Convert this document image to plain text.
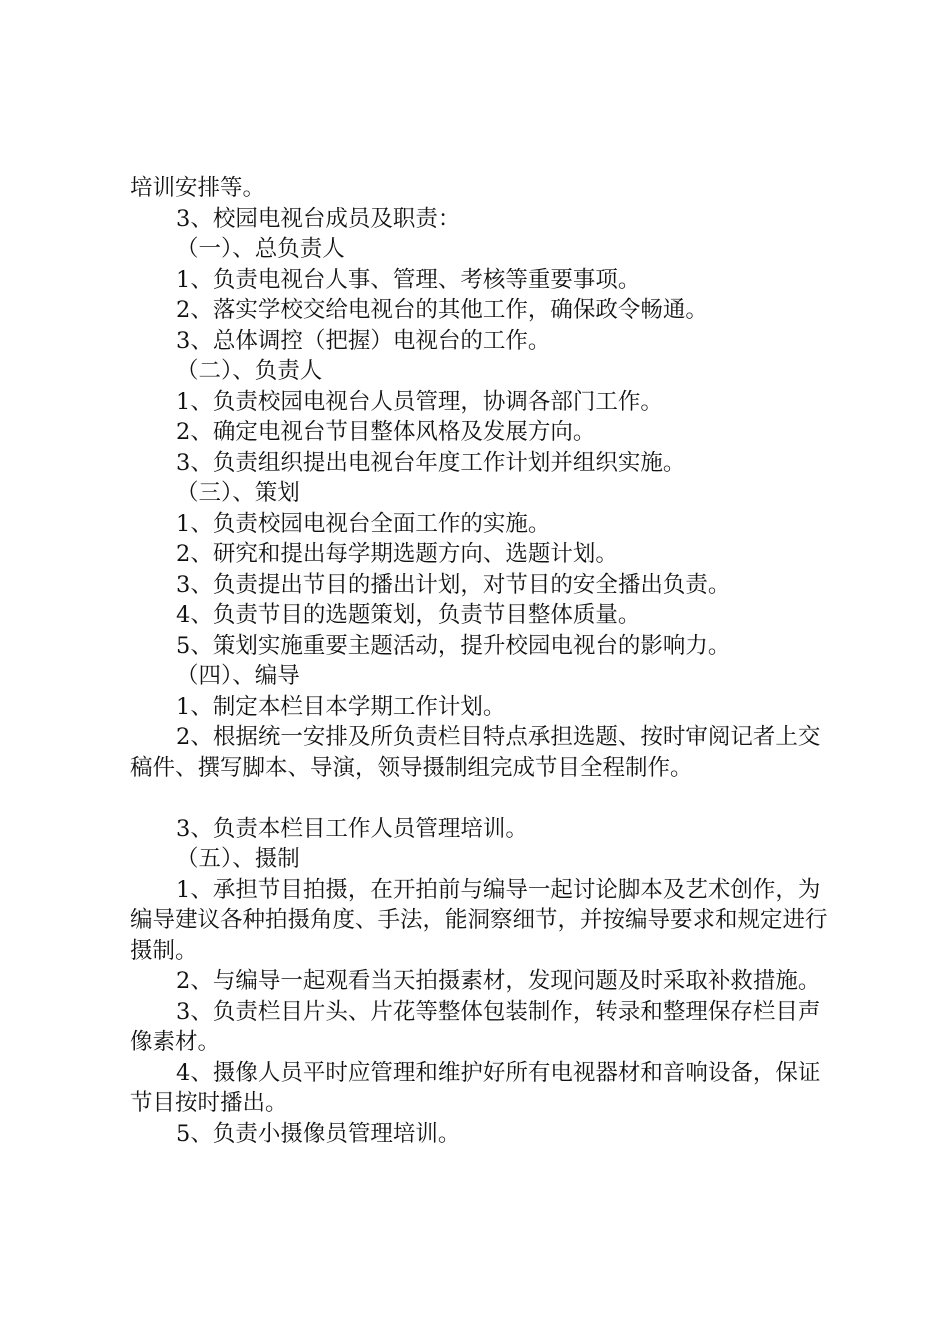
培训安排等。

3、校园电视台成员及职责：

（一）、总负责人

1、负责电视台人事、管理、考核等重要事项。

2、落实学校交给电视台的其他工作，确保政令畅通。

3、总体调控（把握）电视台的工作。

（二）、负责人

1、负责校园电视台人员管理，协调各部门工作。

2、确定电视台节目整体风格及发展方向。

3、负责组织提出电视台年度工作计划并组织实施。

（三）、策划

1、负责校园电视台全面工作的实施。

2、研究和提出每学期选题方向、选题计划。

3、负责提出节目的播出计划，对节目的安全播出负责。

4、负责节目的选题策划，负责节目整体质量。

5、策划实施重要主题活动，提升校园电视台的影响力。

（四）、编导

1、制定本栏目本学期工作计划。

2、根据统一安排及所负责栏目特点承担选题、按时审阅记者上交稿件、撰写脚本、导演，领导摄制组完成节目全程制作。

3、负责本栏目工作人员管理培训。

（五）、摄制

1、承担节目拍摄，在开拍前与编导一起讨论脚本及艺术创作，为编导建议各种拍摄角度、手法，能洞察细节，并按编导要求和规定进行摄制。

2、与编导一起观看当天拍摄素材，发现问题及时采取补救措施。

3、负责栏目片头、片花等整体包装制作，转录和整理保存栏目声像素材。

4、摄像人员平时应管理和维护好所有电视器材和音响设备，保证节目按时播出。

5、负责小摄像员管理培训。
